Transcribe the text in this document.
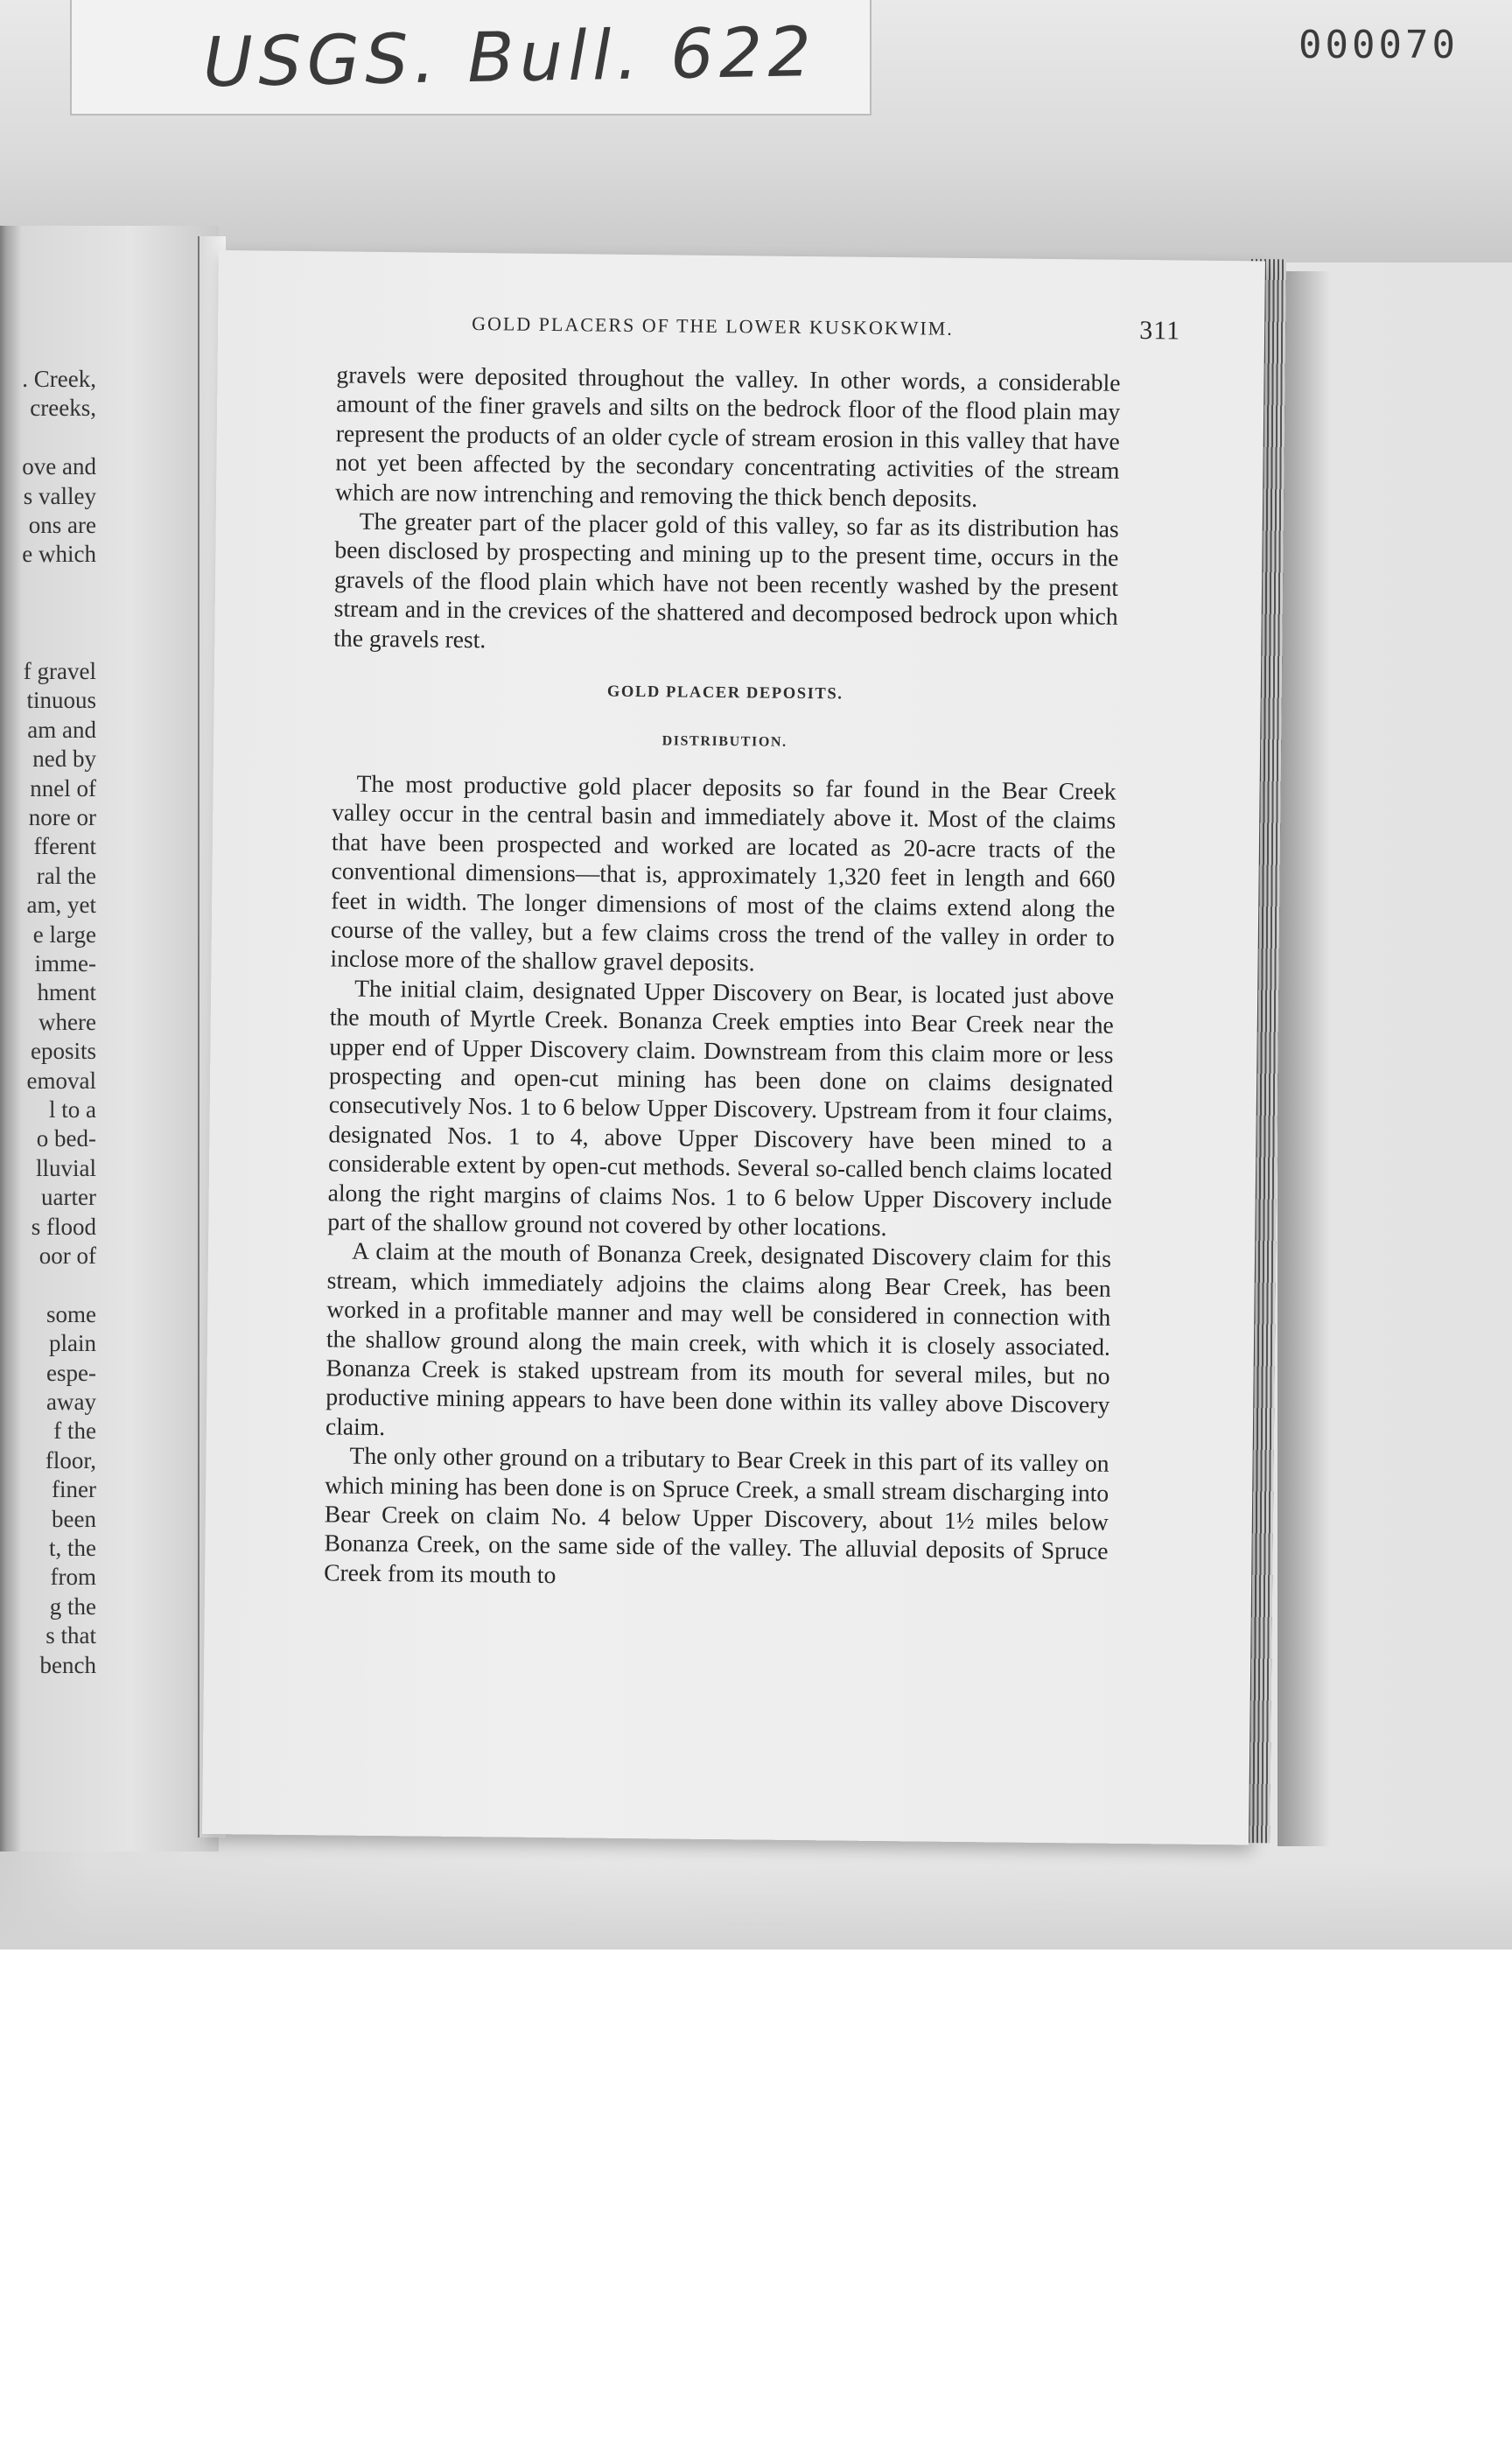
USGS. Bull. 622	000070
. Creek,
creeks,
ove and
s valley
ons are
e which
f gravel
tinuous
am and
ned by
nnel of
nore or
fferent
ral the
am, yet
e large
imme-
hment
where
eposits
emoval
l to a
o bed-
lluvial
uarter
s flood
oor of
some
plain
espe-
away
f the
floor,
finer
been
t, the
from
g the
s that
bench
GOLD PLACERS OF THE LOWER KUSKOKWIM.	311

gravels were deposited throughout the valley. In other words, a considerable amount of the finer gravels and silts on the bedrock floor of the flood plain may represent the products of an older cycle of stream erosion in this valley that have not yet been affected by the secondary concentrating activities of the stream which are now intrenching and removing the thick bench deposits.

The greater part of the placer gold of this valley, so far as its distribution has been disclosed by prospecting and mining up to the present time, occurs in the gravels of the flood plain which have not been recently washed by the present stream and in the crevices of the shattered and decomposed bedrock upon which the gravels rest.

GOLD PLACER DEPOSITS.

DISTRIBUTION.

The most productive gold placer deposits so far found in the Bear Creek valley occur in the central basin and immediately above it. Most of the claims that have been prospected and worked are located as 20-acre tracts of the conventional dimensions—that is, approximately 1,320 feet in length and 660 feet in width. The longer dimensions of most of the claims extend along the course of the valley, but a few claims cross the trend of the valley in order to inclose more of the shallow gravel deposits.

The initial claim, designated Upper Discovery on Bear, is located just above the mouth of Myrtle Creek. Bonanza Creek empties into Bear Creek near the upper end of Upper Discovery claim. Downstream from this claim more or less prospecting and open-cut mining has been done on claims designated consecutively Nos. 1 to 6 below Upper Discovery. Upstream from it four claims, designated Nos. 1 to 4, above Upper Discovery have been mined to a considerable extent by open-cut methods. Several so-called bench claims located along the right margins of claims Nos. 1 to 6 below Upper Discovery include part of the shallow ground not covered by other locations.

A claim at the mouth of Bonanza Creek, designated Discovery claim for this stream, which immediately adjoins the claims along Bear Creek, has been worked in a profitable manner and may well be considered in connection with the shallow ground along the main creek, with which it is closely associated. Bonanza Creek is staked upstream from its mouth for several miles, but no productive mining appears to have been done within its valley above Discovery claim.

The only other ground on a tributary to Bear Creek in this part of its valley on which mining has been done is on Spruce Creek, a small stream discharging into Bear Creek on claim No. 4 below Upper Discovery, about 1½ miles below Bonanza Creek, on the same side of the valley. The alluvial deposits of Spruce Creek from its mouth to
